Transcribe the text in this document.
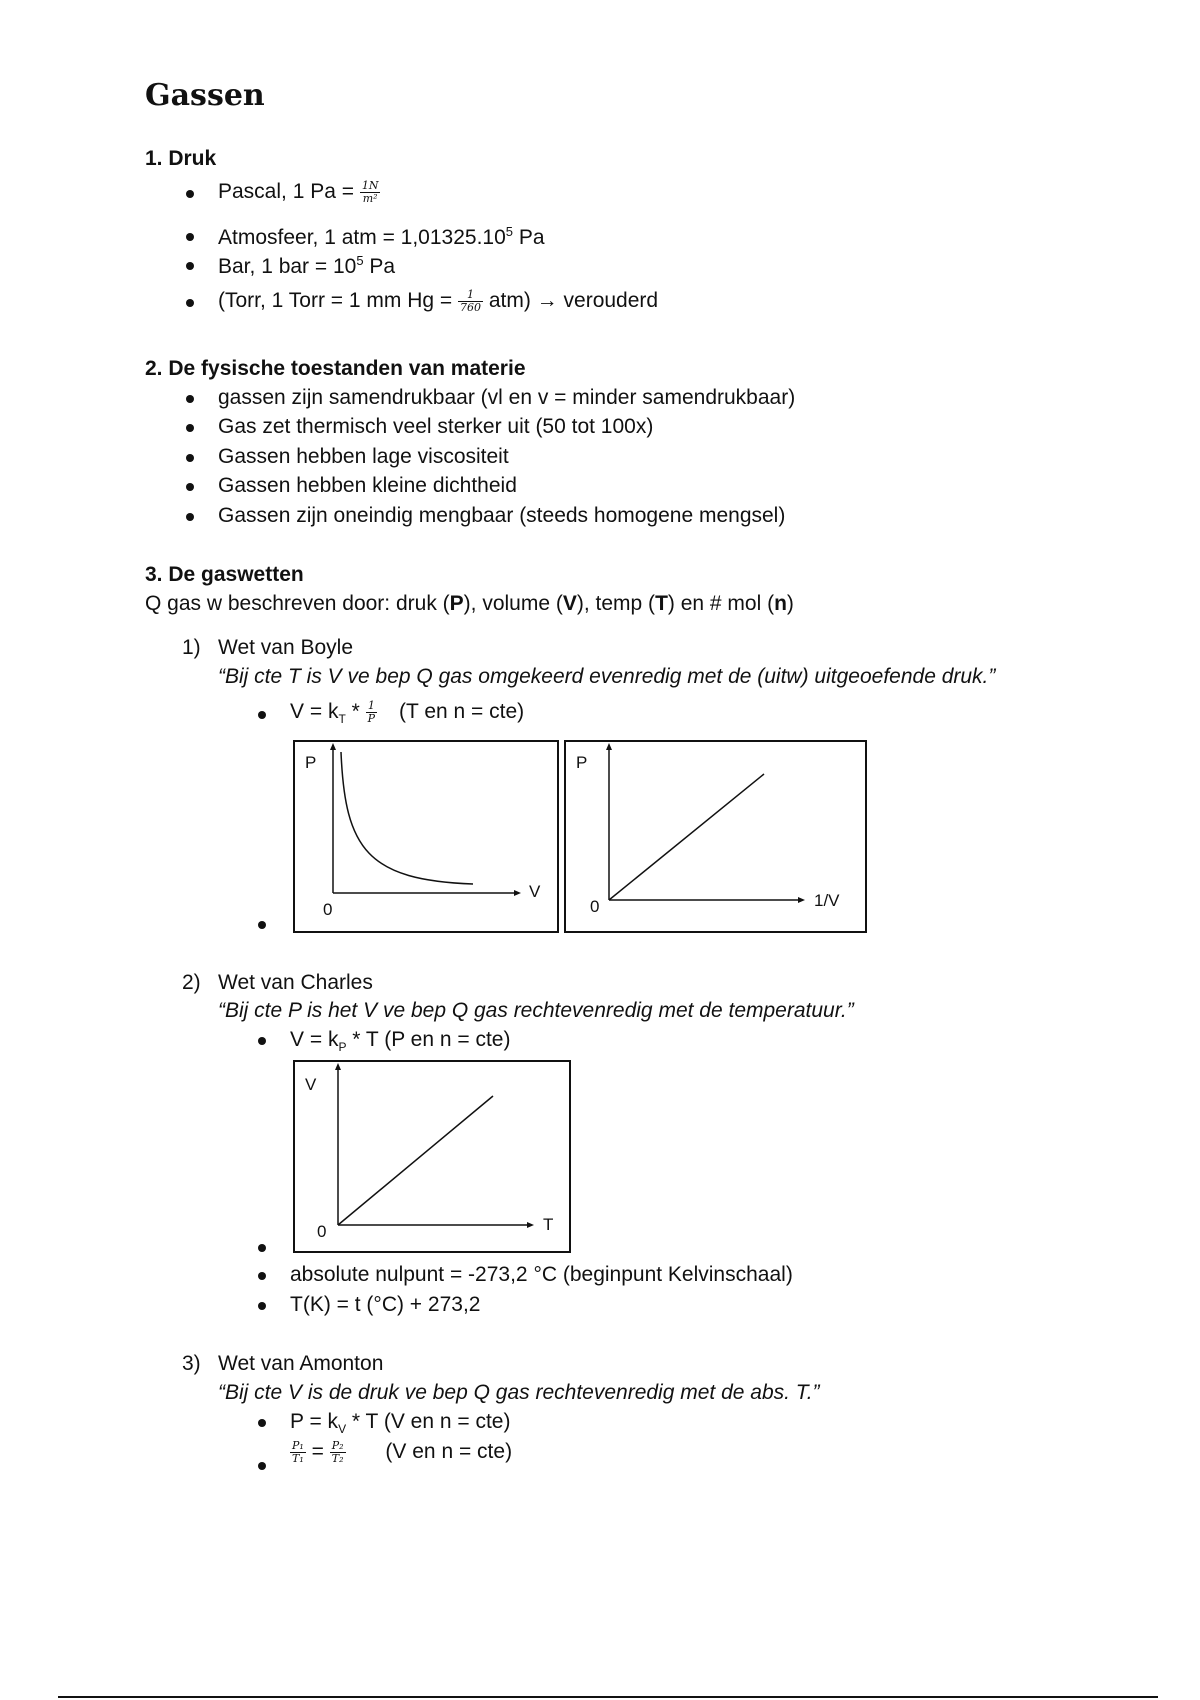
Gassen
1. Druk
Pascal, 1 $Pa = \frac{1N}{\text{m²}}$
Atmosfeer, 1 atm = $1,01325.10^5$ Pa
Bar, 1 bar = $10^5$ Pa
(Torr, 1 Torr = 1 mm $Hg = \frac{1}{760} atm$) → verouderd
2. De fysische toestanden van materie
gassen zijn samendrukbaar (vl en v = minder samendrukbaar)
Gas zet thermisch veel sterker uit (50 tot 100x)
Gassen hebben lage viscositeit
Gassen hebben kleine dichtheid
Gassen zijn oneindig mengbaar (steeds homogene mengsel)
3. De gaswetten
Q gas w beschreven door: druk (P), volume (V), temp (T) en # mol (n)
1) Wet van Boyle
“Bij cte T is V ve bep Q gas omgekeerd evenredig met de (uitw) uitgeoefende druk.”
$V = k_T * \frac{1}{P} (T$ en n = cte)
P
V
0
P
1/V
0
2) Wet van Charles
“Bij cte P is het V ve bep Q gas rechtevenredig met de temperatuur.”
$V = k_P * T$ (P en n = cte)
V
T
0
absolute nulpunt = -273,2 °C (beginpunt Kelvinschaal)
T(K) = t (°C) + 273,2
3) Wet van Amonton
“Bij cte V is de druk ve bep Q gas rechtevenredig met de abs. T.”
$P = k_V * T$ (V en n = cte)
$\frac{\text{P₁}}{\text{T₁}} = \frac{\text{P₂}}{\text{T₂}} (V$ en n = cte)
